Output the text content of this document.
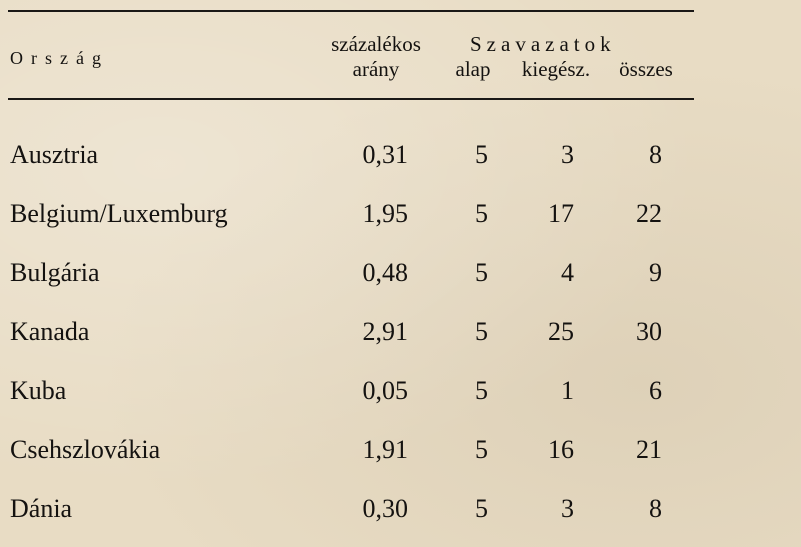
Ország
százalékos	Szavazatok
arány	alap	kiegész.	összes
Ausztria	0,31	5	3	8
Belgium/Luxemburg	1,95	5	17	22
Bulgária	0,48	5	4	9
Kanada	2,91	5	25	30
Kuba	0,05	5	1	6
Csehszlovákia	1,91	5	16	21
Dánia	0,30	5	3	8
